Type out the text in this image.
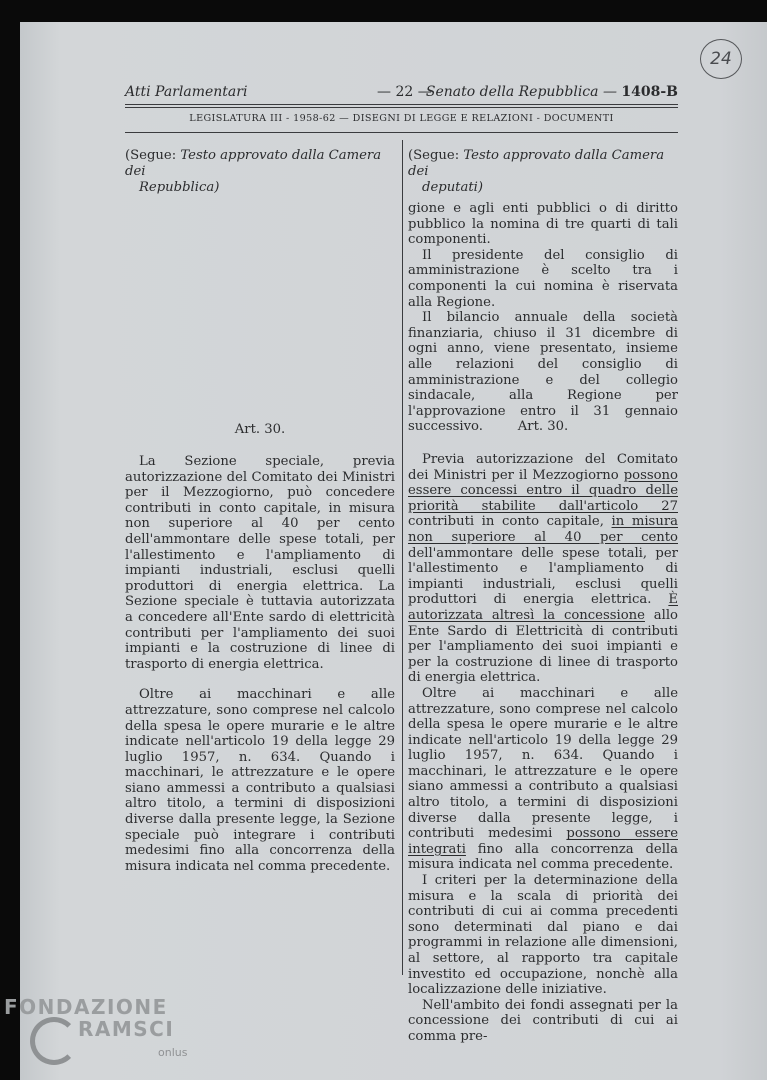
24
Atti Parlamentari	— 22 —
Senato della Repubblica — 1408-B
LEGISLATURA III - 1958-62 — DISEGNI DI LEGGE E RELAZIONI - DOCUMENTI
(Segue: Testo approvato dalla Camera dei
Repubblica)
Art. 30.

La Sezione speciale, previa autorizzazione del Comitato dei Ministri per il Mezzogiorno, può concedere contributi in conto capitale, in misura non superiore al 40 per cento dell'ammontare delle spese totali, per l'allestimento e l'ampliamento di impianti industriali, esclusi quelli produttori di energia elettrica. La Sezione speciale è tuttavia autorizzata a concedere all'Ente sardo di elettricità contributi per l'ampliamento dei suoi impianti e la costruzione di linee di trasporto di energia elettrica.

Oltre ai macchinari e alle attrezzature, sono comprese nel calcolo della spesa le opere murarie e le altre indicate nell'articolo 19 della legge 29 luglio 1957, n. 634. Quando i macchinari, le attrezzature e le opere siano ammessi a contributo a qualsiasi altro titolo, a termini di disposizioni diverse dalla presente legge, la Sezione speciale può integrare i contributi medesimi fino alla concorrenza della misura indicata nel comma precedente.

(Segue: Testo approvato dalla Camera dei
deputati)

gione e agli enti pubblici o di diritto pubblico la nomina di tre quarti di tali componenti.

Il presidente del consiglio di amministrazione è scelto tra i componenti la cui nomina è riservata alla Regione.

Il bilancio annuale della società finanziaria, chiuso il 31 dicembre di ogni anno, viene presentato, insieme alle relazioni del consiglio di amministrazione e del collegio sindacale, alla Regione per l'approvazione entro il 31 gennaio successivo.	Art. 30.

Previa autorizzazione del Comitato dei Ministri per il Mezzogiorno possono essere concessi entro il quadro delle priorità stabilite dall'articolo 27 contributi in conto capitale, in misura non superiore al 40 per cento dell'ammontare delle spese totali, per l'allestimento e l'ampliamento di impianti industriali, esclusi quelli produttori di energia elettrica. È autorizzata altresì la concessione allo Ente Sardo di Elettricità di contributi per l'ampliamento dei suoi impianti e per la costruzione di linee di trasporto di energia elettrica.

Oltre ai macchinari e alle attrezzature, sono comprese nel calcolo della spesa le opere murarie e le altre indicate nell'articolo 19 della legge 29 luglio 1957, n. 634. Quando i macchinari, le attrezzature e le opere siano ammessi a contributo a qualsiasi altro titolo, a termini di disposizioni diverse dalla presente legge, i contributi medesimi possono essere integrati fino alla concorrenza della misura indicata nel comma precedente.

I criteri per la determinazione della misura e la scala di priorità dei contributi di cui ai comma precedenti sono determinati dal piano e dai programmi in relazione alle dimensioni, al settore, al rapporto tra capitale investito ed occupazione, nonchè alla localizzazione delle iniziative.

Nell'ambito dei fondi assegnati per la concessione dei contributi di cui ai comma pre-

FONDAZIONE
RAMSCI
onlus
